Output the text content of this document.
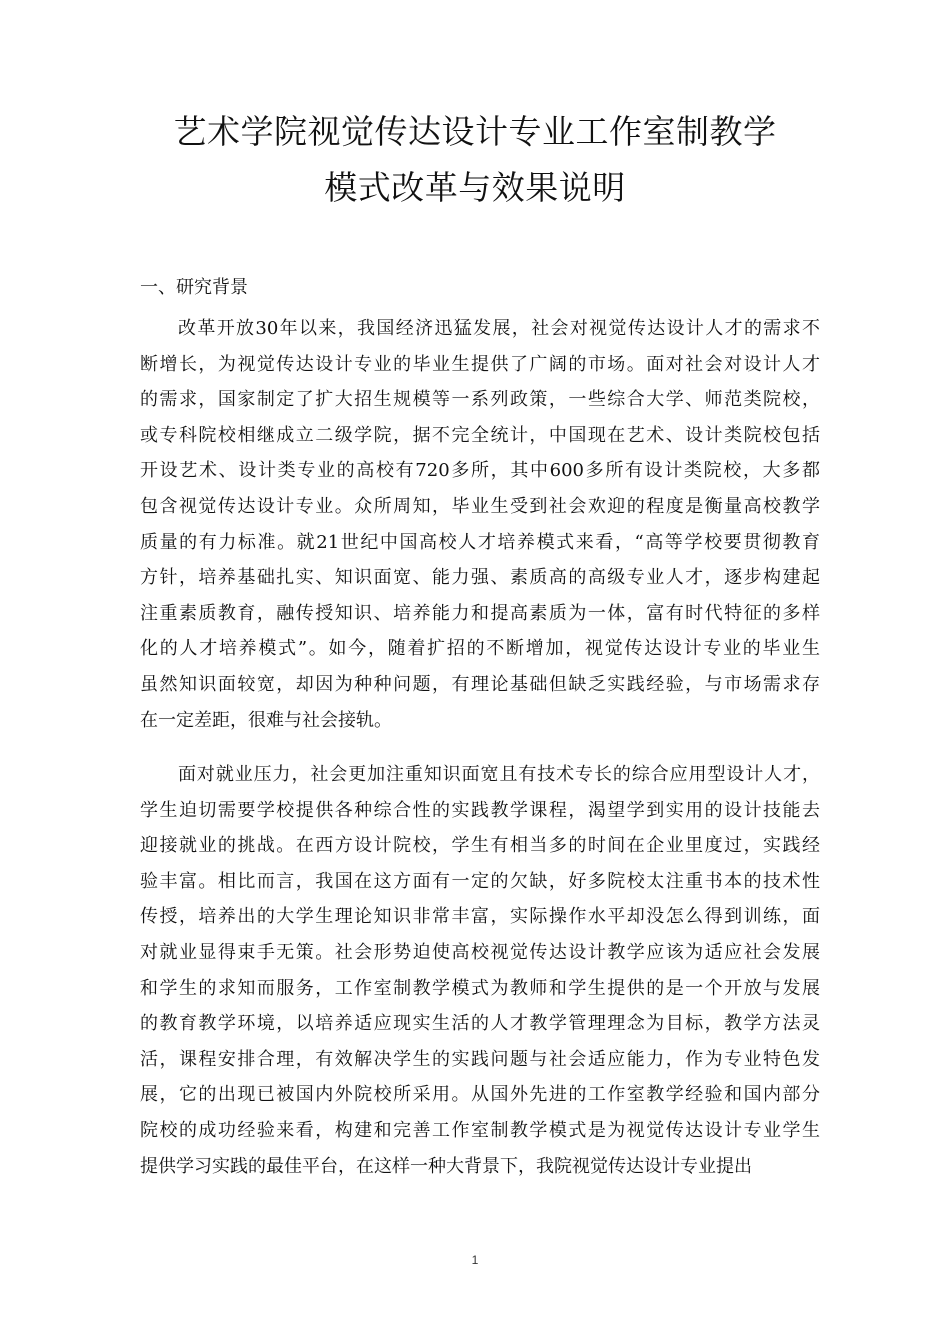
艺术学院视觉传达设计专业工作室制教学
模式改革与效果说明

一、研究背景

改革开放30年以来，我国经济迅猛发展，社会对视觉传达设计人才的需求不
断增长，为视觉传达设计专业的毕业生提供了广阔的市场。面对社会对设计人才
的需求，国家制定了扩大招生规模等一系列政策，一些综合大学、师范类院校，
或专科院校相继成立二级学院，据不完全统计，中国现在艺术、设计类院校包括
开设艺术、设计类专业的高校有720多所，其中600多所有设计类院校，大多都
包含视觉传达设计专业。众所周知，毕业生受到社会欢迎的程度是衡量高校教学
质量的有力标准。就21世纪中国高校人才培养模式来看，“高等学校要贯彻教育
方针，培养基础扎实、知识面宽、能力强、素质高的高级专业人才，逐步构建起
注重素质教育，融传授知识、培养能力和提高素质为一体，富有时代特征的多样
化的人才培养模式”。如今，随着扩招的不断增加，视觉传达设计专业的毕业生
虽然知识面较宽，却因为种种问题，有理论基础但缺乏实践经验，与市场需求存
在一定差距，很难与社会接轨。
面对就业压力，社会更加注重知识面宽且有技术专长的综合应用型设计人才，
学生迫切需要学校提供各种综合性的实践教学课程，渴望学到实用的设计技能去
迎接就业的挑战。在西方设计院校，学生有相当多的时间在企业里度过，实践经
验丰富。相比而言，我国在这方面有一定的欠缺，好多院校太注重书本的技术性
传授，培养出的大学生理论知识非常丰富，实际操作水平却没怎么得到训练，面
对就业显得束手无策。社会形势迫使高校视觉传达设计教学应该为适应社会发展
和学生的求知而服务，工作室制教学模式为教师和学生提供的是一个开放与发展
的教育教学环境，以培养适应现实生活的人才教学管理理念为目标，教学方法灵
活，课程安排合理，有效解决学生的实践问题与社会适应能力，作为专业特色发
展，它的出现已被国内外院校所采用。从国外先进的工作室教学经验和国内部分
院校的成功经验来看，构建和完善工作室制教学模式是为视觉传达设计专业学生
提供学习实践的最佳平台，在这样一种大背景下，我院视觉传达设计专业提出
1
